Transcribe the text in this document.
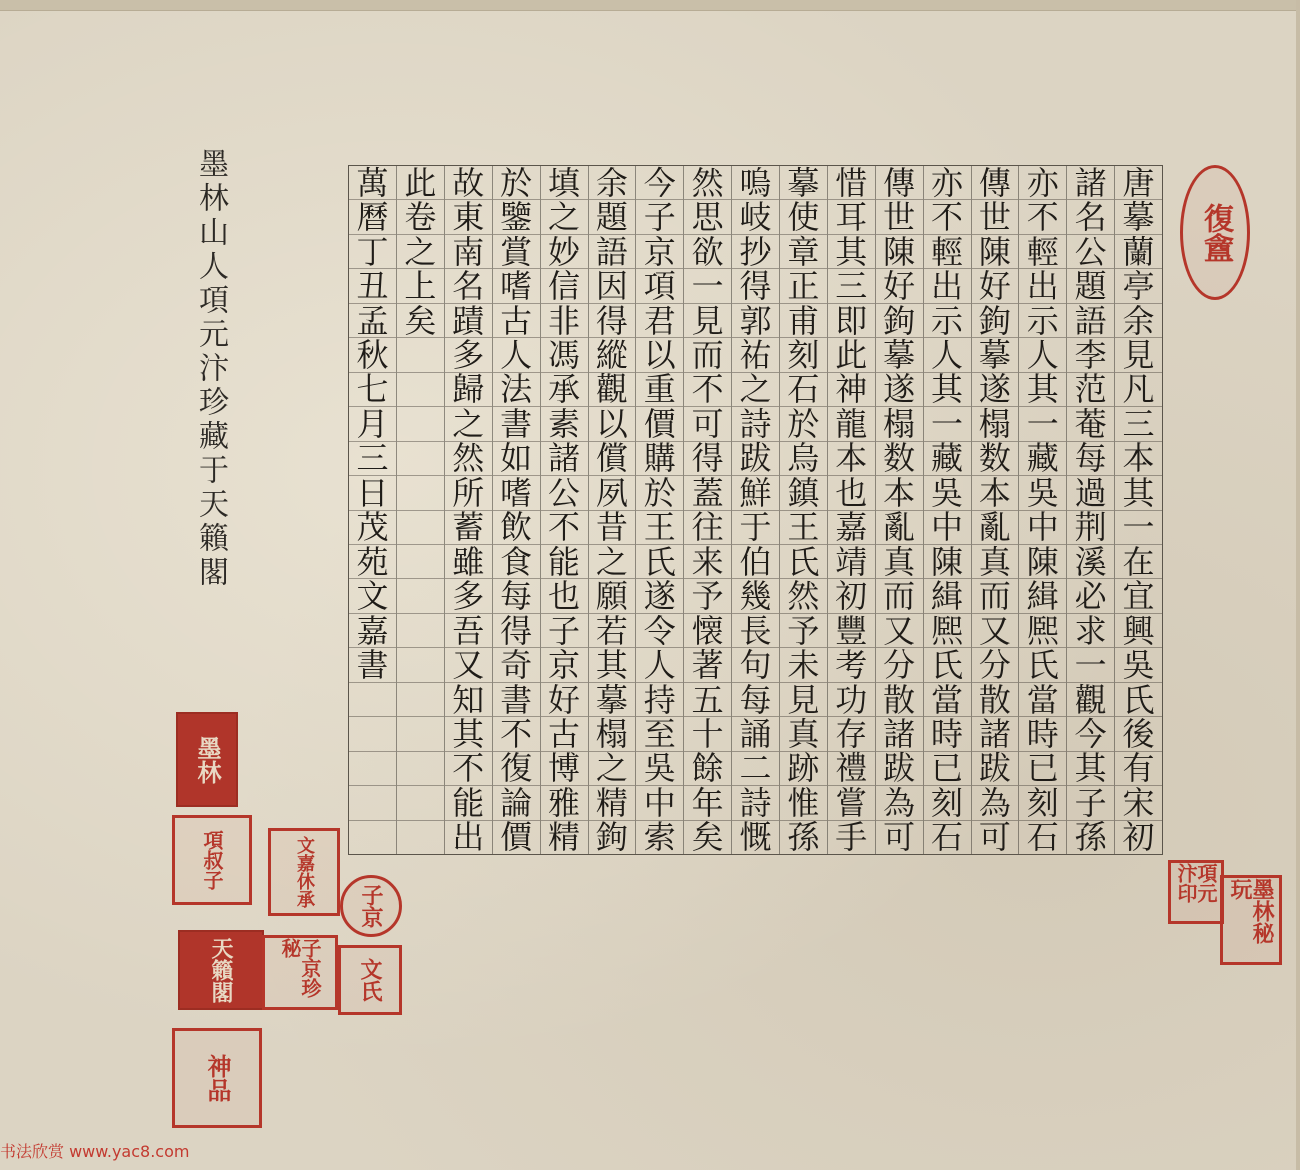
墨林山人項元汴珍藏于天籟閣	唐
摹
蘭
亭
余
見
凡
三
本
其
一
在
宜
興
吳
氏
後
有
宋
初
諸
名
公
題
語
李
范
菴
每
過
荆
溪
必
求
一
觀
今
其
子
孫
亦
不
輕
出
示
人
其
一
藏
吳
中
陳
緝
熈
氏
當
時
已
刻
石
傳
世
陳
好
鉤
摹
遂
榻
数
本
亂
真
而
又
分
散
諸
跋
為
可
亦
不
輕
出
示
人
其
一
藏
吳
中
陳
緝
熈
氏
當
時
已
刻
石
傳
世
陳
好
鉤
摹
遂
榻
数
本
亂
真
而
又
分
散
諸
跋
為
可
惜
耳
其
三
即
此
神
龍
本
也
嘉
靖
初
豐
考
功
存
禮
嘗
手
摹
使
章
正
甫
刻
石
於
烏
鎮
王
氏
然
予
未
見
真
跡
惟
孫
嗚
岐
抄
得
郭
祐
之
詩
跋
鮮
于
伯
幾
長
句
每
誦
二
詩
慨
然
思
欲
一
見
而
不
可
得
蓋
往
来
予
懐
著
五
十
餘
年
矣
今
子
京
項
君
以
重
價
購
於
王
氏
遂
令
人
持
至
吳
中
索
余
題
語
因
得
縱
觀
以
償
夙
昔
之
願
若
其
摹
榻
之
精
鉤
填
之
妙
信
非
馮
承
素
諸
公
不
能
也
子
京
好
古
博
雅
精
於
鑒
賞
嗜
古
人
法
書
如
嗜
飲
食
每
得
奇
書
不
復
論
價
故
東
南
名
蹟
多
歸
之
然
所
蓄
雖
多
吾
又
知
其
不
能
出
此
卷
之
上
矣
萬
曆
丁
丑
孟
秋
七
月
三
日
茂
苑
文
嘉
書
復盦
項元汴印	墨林秘玩
子京
文氏
墨林
項叔子	文嘉休承
天籟閣	子京珍秘
神品
书法欣赏 www.yac8.com
